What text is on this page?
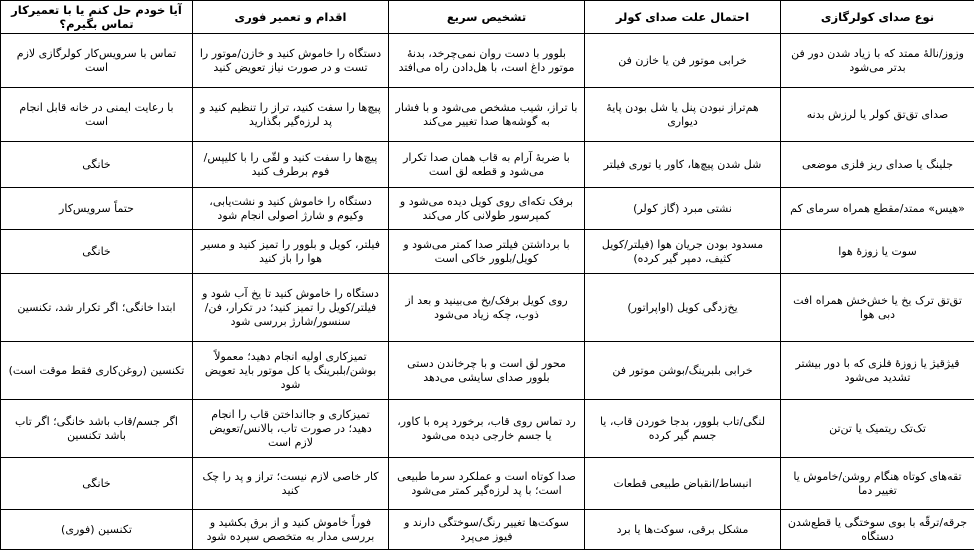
نوع صدای کولرگازی	احتمال علت صدای کولر	تشخیص سریع	اقدام و تعمیر فوری	آیا خودم حل کنم یا با تعمیرکار تماس بگیرم؟
وزوز/نالهٔ ممتد که با زیاد شدن دور فن بدتر می‌شود	خرابی موتور فن یا خازن فن	بلوور با دست روان نمی‌چرخد، بدنهٔ موتور داغ است، با هل‌دادن راه می‌افتد	دستگاه را خاموش کنید و خازن/موتور را تست و در صورت نیاز تعویض کنید	تماس با سرویس‌کار کولرگازی لازم است
صدای تق‌تق کولر یا لرزش بدنه	هم‌تراز نبودن پنل یا شل بودن پایهٔ دیواری	با تراز، شیب مشخص می‌شود و با فشار به گوشه‌ها صدا تغییر می‌کند	پیچ‌ها را سفت کنید، تراز را تنظیم کنید و پد لرزه‌گیر بگذارید	با رعایت ایمنی در خانه قابل انجام است
جلینگ یا صدای ریز فلزی موضعی	شل شدن پیچ‌ها، کاور یا توری فیلتر	با ضربهٔ آرام به قاب همان صدا تکرار می‌شود و قطعه لق است	پیچ‌ها را سفت کنید و لقّی را با کلیپس/فوم برطرف کنید	خانگی
«هیس» ممتد/مقطع همراه سرمای کم	نشتی مبرد (گاز کولر)	برفک تکه‌ای روی کویل دیده می‌شود و کمپرسور طولانی کار می‌کند	دستگاه را خاموش کنید و نشت‌یابی، وکیوم و شارژ اصولی انجام شود	حتماً سرویس‌کار
سوت یا زوزهٔ هوا	مسدود بودن جریان هوا (فیلتر/کویل کثیف، دمپر گیر کرده)	با برداشتن فیلتر صدا کمتر می‌شود و کویل/بلوور خاکی است	فیلتر، کویل و بلوور را تمیز کنید و مسیر هوا را باز کنید	خانگی
تق‌تق ترک یخ یا خش‌خش همراه افت دبی هوا	یخ‌زدگی کویل (اواپراتور)	روی کویل برفک/یخ می‌بینید و بعد از ذوب، چکه زیاد می‌شود	دستگاه را خاموش کنید تا یخ آب شود و فیلتر/کویل را تمیز کنید؛ در تکرار، فن/سنسور/شارژ بررسی شود	ابتدا خانگی؛ اگر تکرار شد، تکنسین
قیژقیژ یا زوزهٔ فلزی که با دور بیشتر تشدید می‌شود	خرابی بلبرینگ/بوشن موتور فن	محور لق است و با چرخاندن دستی بلوور صدای سایشی می‌دهد	تمیزکاری اولیه انجام دهید؛ معمولاً بوشن/بلبرینگ یا کل موتور باید تعویض شود	تکنسین (روغن‌کاری فقط موقت است)
تک‌تک ریتمیک یا تن‌تن	لنگی/تاب بلوور، بدجا خوردن قاب، یا جسم گیر کرده	رد تماس روی قاب، برخورد پره با کاور، یا جسم خارجی دیده می‌شود	تمیزکاری و جاانداختن قاب را انجام دهید؛ در صورت تاب، بالانس/تعویض لازم است	اگر جسم/قاب باشد خانگی؛ اگر تاب باشد تکنسین
تقه‌های کوتاه هنگام روشن/خاموش یا تغییر دما	انبساط/انقباض طبیعی قطعات	صدا کوتاه است و عملکرد سرما طبیعی است؛ با پد لرزه‌گیر کمتر می‌شود	کار خاصی لازم نیست؛ تراز و پد را چک کنید	خانگی
جرقه/ترقّه با بوی سوختگی یا قطع‌شدن دستگاه	مشکل برقی، سوکت‌ها یا برد	سوکت‌ها تغییر رنگ/سوختگی دارند و فیوز می‌پرد	فوراً خاموش کنید و از برق بکشید و بررسی مدار به متخصص سپرده شود	تکنسین (فوری)
